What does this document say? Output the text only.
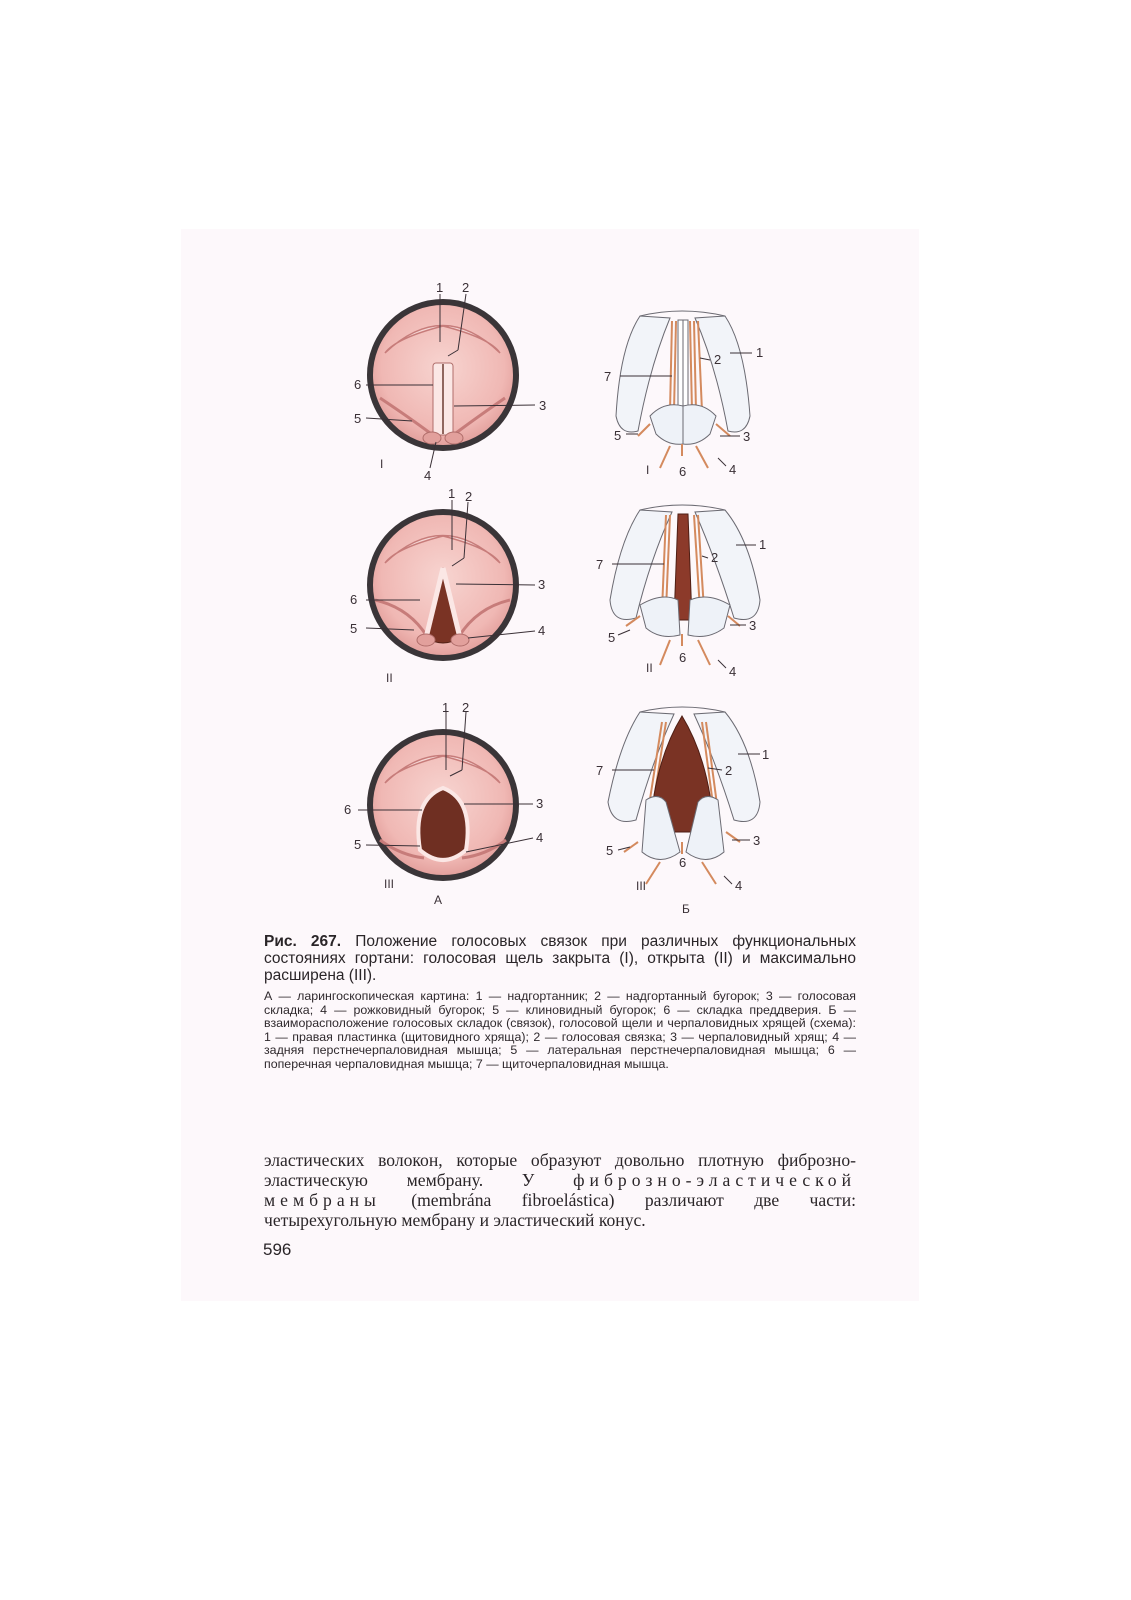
1 2
6
5
3
4
I
1 2
6
5
3
4
II
1 2
6
5
3
4
III
А
7
2	1
5	3
6	4
I
7	2
1
5
3
6
4
II
7	2
1
5
3
6
4
III
Б
Рис. 267. Положение голосовых связок при различных функциональных состояниях гортани: голосовая щель закрыта (I), открыта (II) и максимально расширена (III).
А — ларингоскопическая картина: 1 — надгортанник; 2 — надгортанный бугорок; 3 — голосовая складка; 4 — рожковидный бугорок; 5 — клиновидный бугорок; 6 — складка преддверия. Б — взаиморасположение голосовых складок (связок), голосовой щели и черпаловидных хрящей (схема): 1 — правая пластинка (щитовидного хряща); 2 — голосовая связка; 3 — черпаловидный хрящ; 4 — задняя перстнечерпаловидная мышца; 5 — латеральная перстнечерпаловидная мышца; 6 — поперечная черпаловидная мышца; 7 — щиточерпаловидная мышца.
эластических волокон, которые образуют довольно плотную фиброзно-эластическую мембрану. У фиброзно-эластической мембраны (membrána fibroelástica) различают две части: четырехугольную мембрану и эластический конус.
596
